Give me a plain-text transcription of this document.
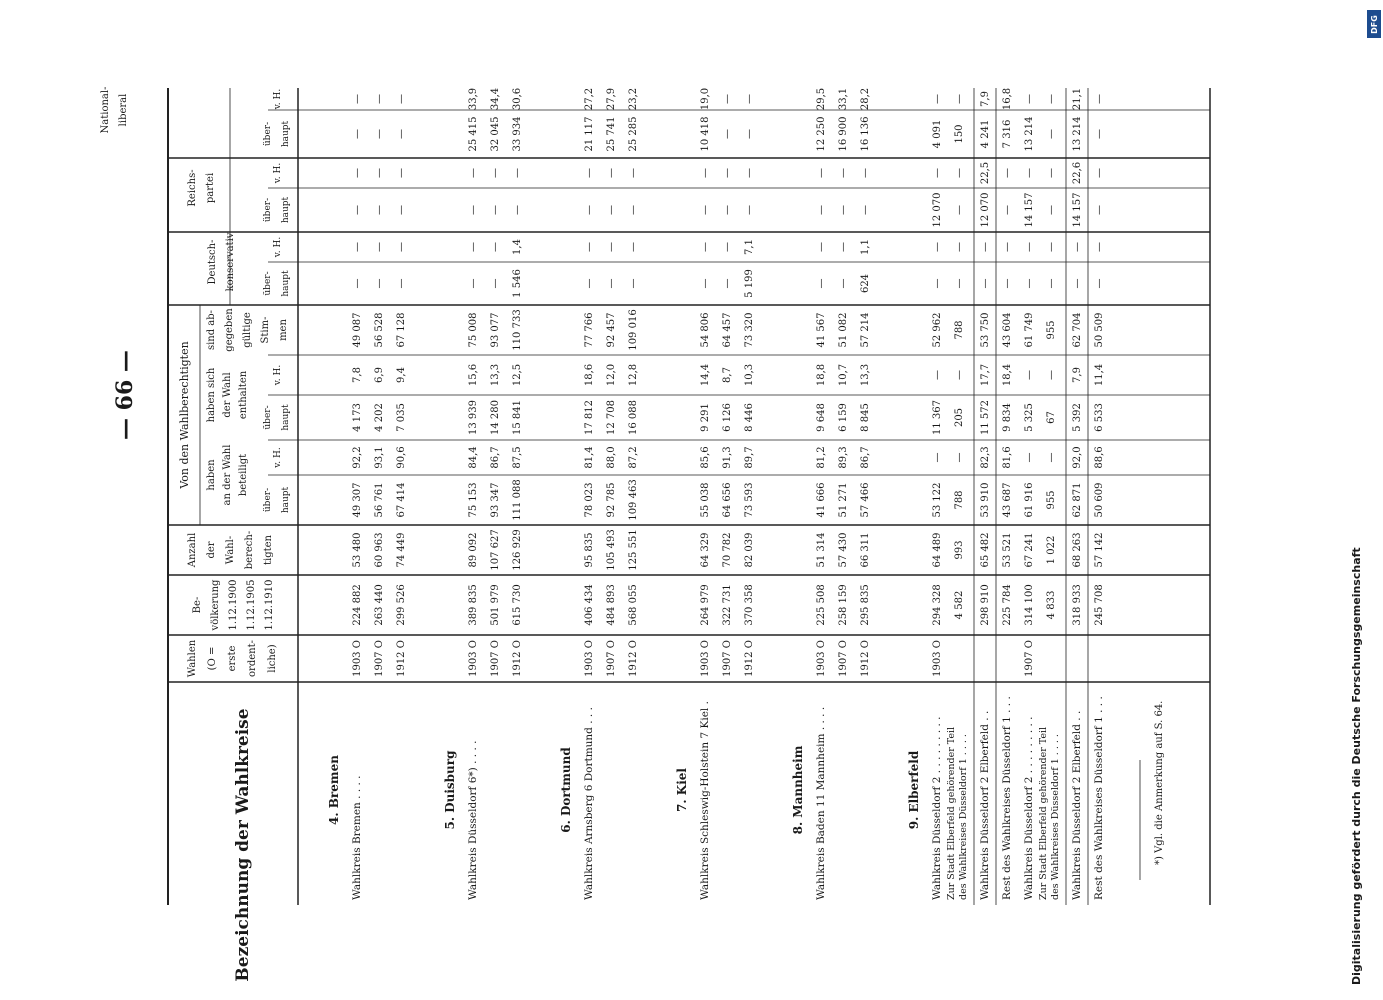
— 66 —
Digitalisierung gefördert durch die Deutsche Forschungsgemeinschaft
DFG
Bezeichnung der Wahlkreise
Wahlen (O = erste ordent- liche)
Be- völkerung 1.12.1900 1.12.1905 1.12.1910
Anzahl der Wahl- berech- tigten
Von den Wahlberechtigten haben an der Wahl beteiligt
haben sich der Wahl enthalten
sind ab- gegeben gültige Stim- men
Deutsch- konservativ
Reichs- partei
National- liberal
über- haupt
v. H.
über- haupt
v. H.
über- haupt
v. H.
über- haupt
v. H.
über- haupt
v. H.
4. Bremen Wahlkreis Bremen . . . .
1903 O
224 882
53 480
49 307
92,2
4 173
7,8
49 087
—
—
—
—
—
—
1907 O
263 440
60 963
56 761
93,1
4 202
6,9
56 528
—
—
—
—
—
—
1912 O
299 526
74 449
67 414
90,6
7 035
9,4
67 128
—
—
—
—
—
—
5. Duisburg Wahlkreis Düsseldorf 6*) . . . .
1903 O
389 835
89 092
75 153
84,4
13 939
15,6
75 008
—
—
—
—
25 415
33,9
1907 O
501 979
107 627
93 347
86,7
14 280
13,3
93 077
—
—
—
—
32 045
34,4
1912 O
615 730
126 929
111 088
87,5
15 841
12,5
110 733
1 546
1,4
—
—
33 934
30,6
6. Dortmund Wahlkreis Arnsberg 6 Dortmund . . .
1903 O
406 434
95 835
78 023
81,4
17 812
18,6
77 766
—
—
—
—
21 117
27,2
1907 O
484 893
105 493
92 785
88,0
12 708
12,0
92 457
—
—
—
—
25 741
27,9
1912 O
568 055
125 551
109 463
87,2
16 088
12,8
109 016
—
—
—
—
25 285
23,2
7. Kiel Wahlkreis Schleswig-Holstein 7 Kiel .
1903 O
264 979
64 329
55 038
85,6
9 291
14,4
54 806
—
—
—
—
10 418
19,0
1907 O
322 731
70 782
64 656
91,3
6 126
8,7
64 457
—
—
—
—
—
—
1912 O
370 358
82 039
73 593
89,7
8 446
10,3
73 320
5 199
7,1
—
—
—
—
8. Mannheim Wahlkreis Baden 11 Mannheim . . . .
1903 O
225 508
51 314
41 666
81,2
9 648
18,8
41 567
—
—
—
—
12 250
29,5
1907 O
258 159
57 430
51 271
89,3
6 159
10,7
51 082
—
—
—
—
16 900
33,1
1912 O
295 835
66 311
57 466
86,7
8 845
13,3
57 214
624
1,1
—
—
16 136
28,2
9. Elberfeld Wahlkreis Düsseldorf 2 . . . . . . . . .
1903 O
294 328
64 489
53 122
—
11 367
—
52 962
—
—
12 070
—
4 091
—
Zur Stadt Elberfeld gehörender Teil des Wahlkreises Düsseldorf 1 . . . .
4 582
993
788
—
205
—
788
—
—
—
—
150
—
Wahlkreis Düsseldorf 2 Elberfeld . .
298 910
65 482
53 910
82,3
11 572
17,7
53 750
—
—
12 070
22,5
4 241
7,9
Rest des Wahlkreises Düsseldorf 1 . . .
225 784
53 521
43 687
81,6
9 834
18,4
43 604
—
—
—
—
7 316
16,8
Wahlkreis Düsseldorf 2 . . . . . . . . .
1907 O
314 100
67 241
61 916
—
5 325
—
61 749
—
—
14 157
—
13 214
—
Zur Stadt Elberfeld gehörender Teil des Wahlkreises Düsseldorf 1 . . . .
4 833
1 022
955
—
67
—
955
—
—
—
—
—
—
Wahlkreis Düsseldorf 2 Elberfeld . .
318 933
68 263
62 871
92,0
5 392
7,9
62 704
—
—
14 157
22,6
13 214
21,1
Rest des Wahlkreises Düsseldorf 1 . . .
245 708
57 142
50 609
88,6
6 533
11,4
50 509
—
—
—
—
—
—
*) Vgl. die Anmerkung auf S. 64.
